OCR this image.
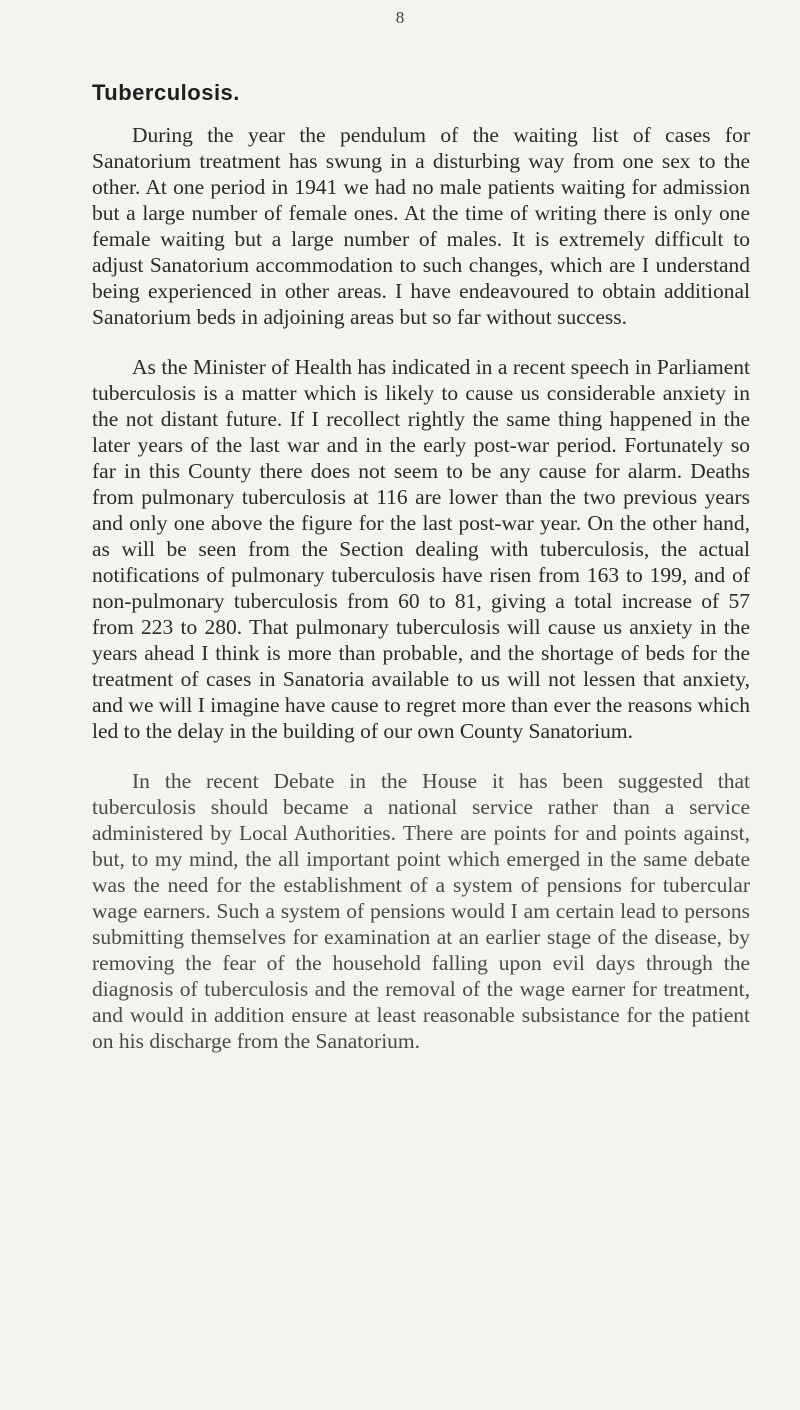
8
Tuberculosis.

During the year the pendulum of the waiting list of cases for Sanatorium treatment has swung in a disturbing way from one sex to the other. At one period in 1941 we had no male patients waiting for admission but a large number of female ones. At the time of writing there is only one female waiting but a large number of males. It is extremely difficult to adjust Sanatorium accommodation to such changes, which are I understand being experienced in other areas. I have endeavoured to obtain additional Sanatorium beds in adjoining areas but so far without success.

As the Minister of Health has indicated in a recent speech in Parliament tuberculosis is a matter which is likely to cause us considerable anxiety in the not distant future. If I recollect rightly the same thing happened in the later years of the last war and in the early post-war period. Fortunately so far in this County there does not seem to be any cause for alarm. Deaths from pulmonary tuberculosis at 116 are lower than the two previous years and only one above the figure for the last post-war year. On the other hand, as will be seen from the Section dealing with tuberculosis, the actual notifications of pulmonary tuberculosis have risen from 163 to 199, and of non-pulmonary tuberculosis from 60 to 81, giving a total increase of 57 from 223 to 280. That pulmonary tuberculosis will cause us anxiety in the years ahead I think is more than probable, and the shortage of beds for the treatment of cases in Sanatoria available to us will not lessen that anxiety, and we will I imagine have cause to regret more than ever the reasons which led to the delay in the building of our own County Sanatorium.

In the recent Debate in the House it has been suggested that tuberculosis should became a national service rather than a service administered by Local Authorities. There are points for and points against, but, to my mind, the all important point which emerged in the same debate was the need for the establishment of a system of pensions for tubercular wage earners. Such a system of pensions would I am certain lead to persons submitting themselves for examination at an earlier stage of the disease, by removing the fear of the household falling upon evil days through the diagnosis of tuberculosis and the removal of the wage earner for treatment, and would in addition ensure at least reasonable subsistance for the patient on his discharge from the Sanatorium.
